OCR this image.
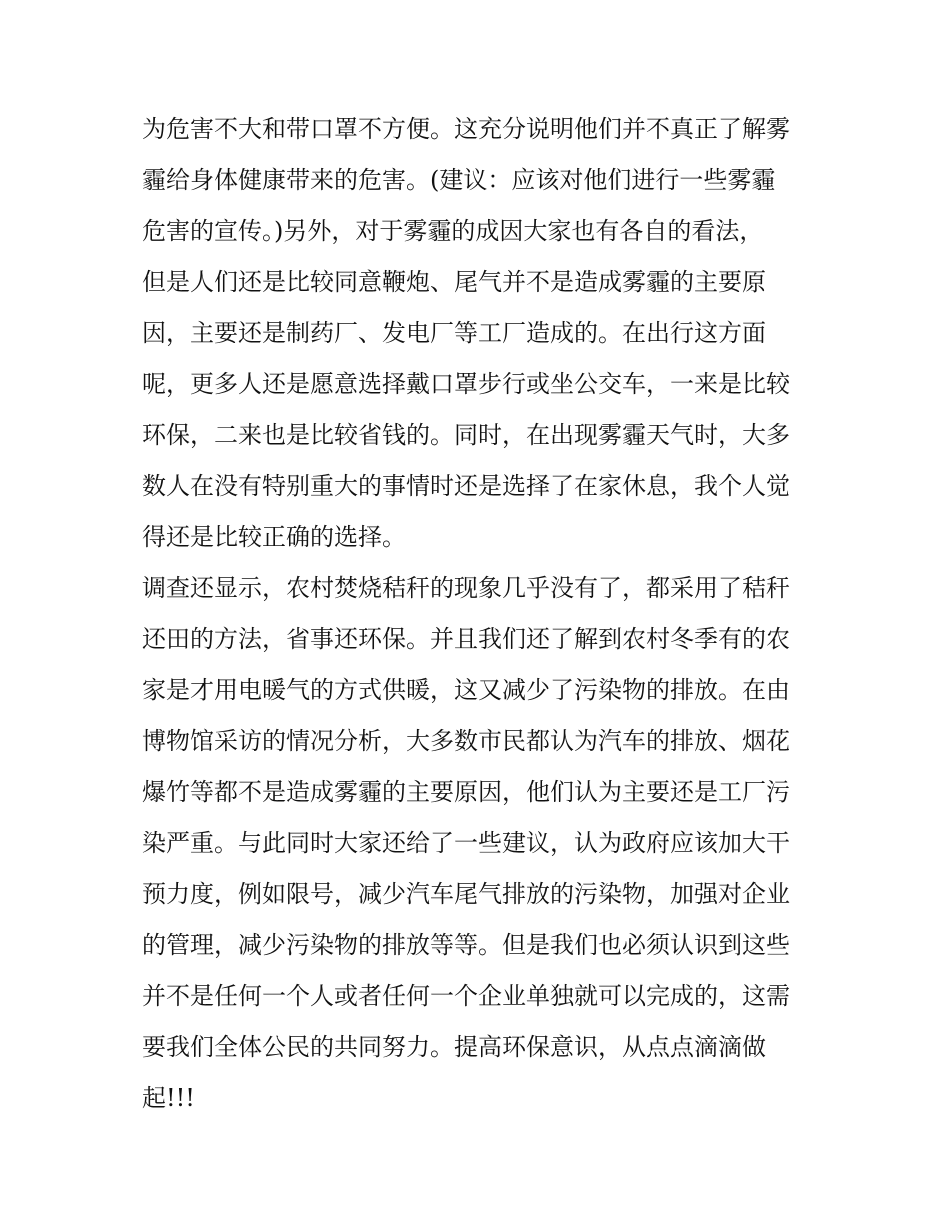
为危害不大和带口罩不方便。这充分说明他们并不真正了解雾
霾给身体健康带来的危害。(建议：应该对他们进行一些雾霾
危害的宣传。)另外，对于雾霾的成因大家也有各自的看法，
但是人们还是比较同意鞭炮、尾气并不是造成雾霾的主要原
因，主要还是制药厂、发电厂等工厂造成的。在出行这方面
呢，更多人还是愿意选择戴口罩步行或坐公交车，一来是比较
环保，二来也是比较省钱的。同时，在出现雾霾天气时，大多
数人在没有特别重大的事情时还是选择了在家休息，我个人觉
得还是比较正确的选择。
调查还显示，农村焚烧秸秆的现象几乎没有了，都采用了秸秆
还田的方法，省事还环保。并且我们还了解到农村冬季有的农
家是才用电暖气的方式供暖，这又减少了污染物的排放。在由
博物馆采访的情况分析，大多数市民都认为汽车的排放、烟花
爆竹等都不是造成雾霾的主要原因，他们认为主要还是工厂污
染严重。与此同时大家还给了一些建议，认为政府应该加大干
预力度，例如限号，减少汽车尾气排放的污染物，加强对企业
的管理，减少污染物的排放等等。但是我们也必须认识到这些
并不是任何一个人或者任何一个企业单独就可以完成的，这需
要我们全体公民的共同努力。提高环保意识，从点点滴滴做
起!!!
